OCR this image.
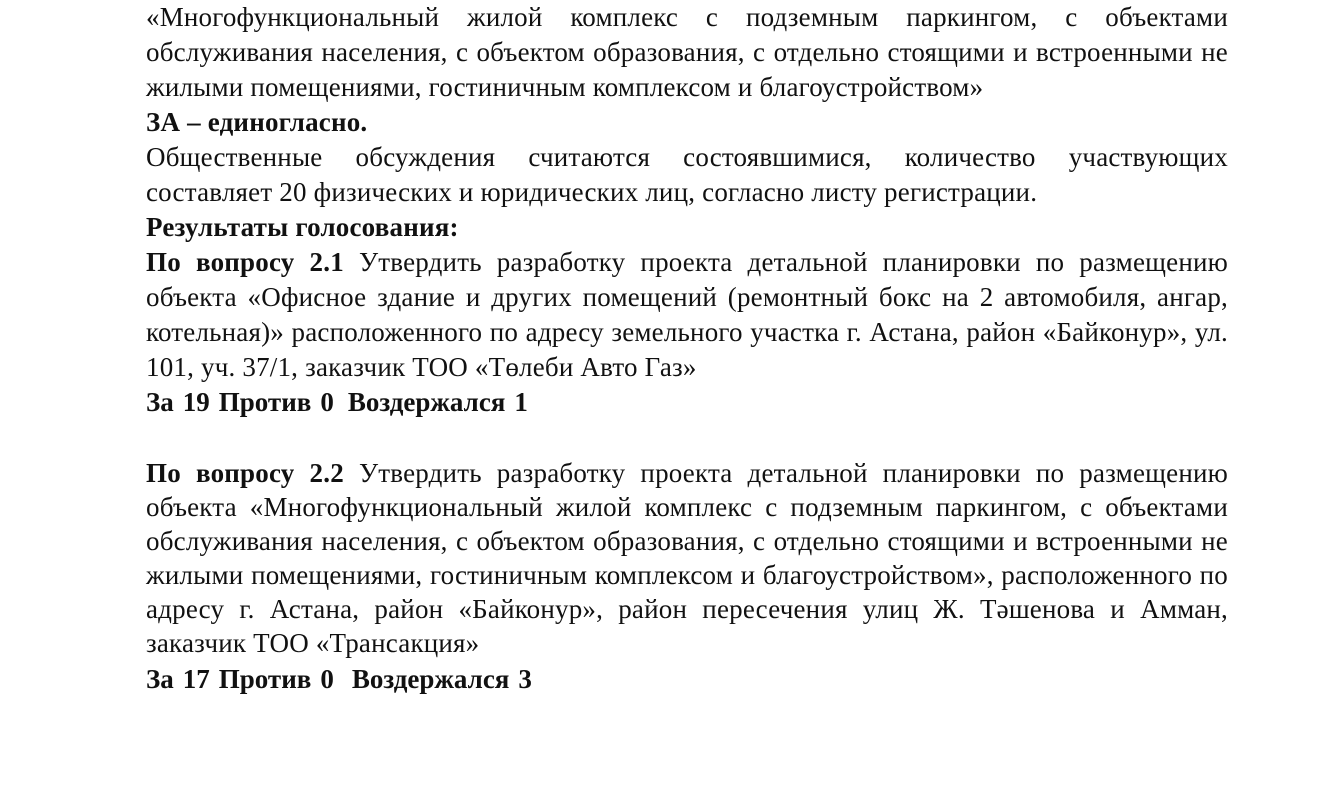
«Многофункциональный жилой комплекс с подземным паркингом, с объектами обслуживания населения, с объектом образования, с отдельно стоящими и встроенными не жилыми помещениями, гостиничным комплексом и благоустройством»

ЗА – единогласно.

Общественные обсуждения считаются состоявшимися, количество участвующих составляет 20 физических и юридических лиц, согласно листу регистрации.

Результаты голосования:

По вопросу 2.1 Утвердить разработку проекта детальной планировки по размещению объекта «Офисное здание и других помещений (ремонтный бокс на 2 автомобиля, ангар, котельная)» расположенного по адресу земельного участка г. Астана, район «Байконур», ул. 101, уч. 37/1, заказчик ТОО «Төлеби Авто Газ»

За 19 Против 0 Воздержался 1

По вопросу 2.2 Утвердить разработку проекта детальной планировки по размещению объекта «Многофункциональный жилой комплекс с подземным паркингом, с объектами обслуживания населения, с объектом образования, с отдельно стоящими и встроенными не жилыми помещениями, гостиничным комплексом и благоустройством», расположенного по адресу г. Астана, район «Байконур», район пересечения улиц Ж. Тәшенова и Амман, заказчик ТОО «Трансакция»

За 17 Против 0 Воздержался 3
